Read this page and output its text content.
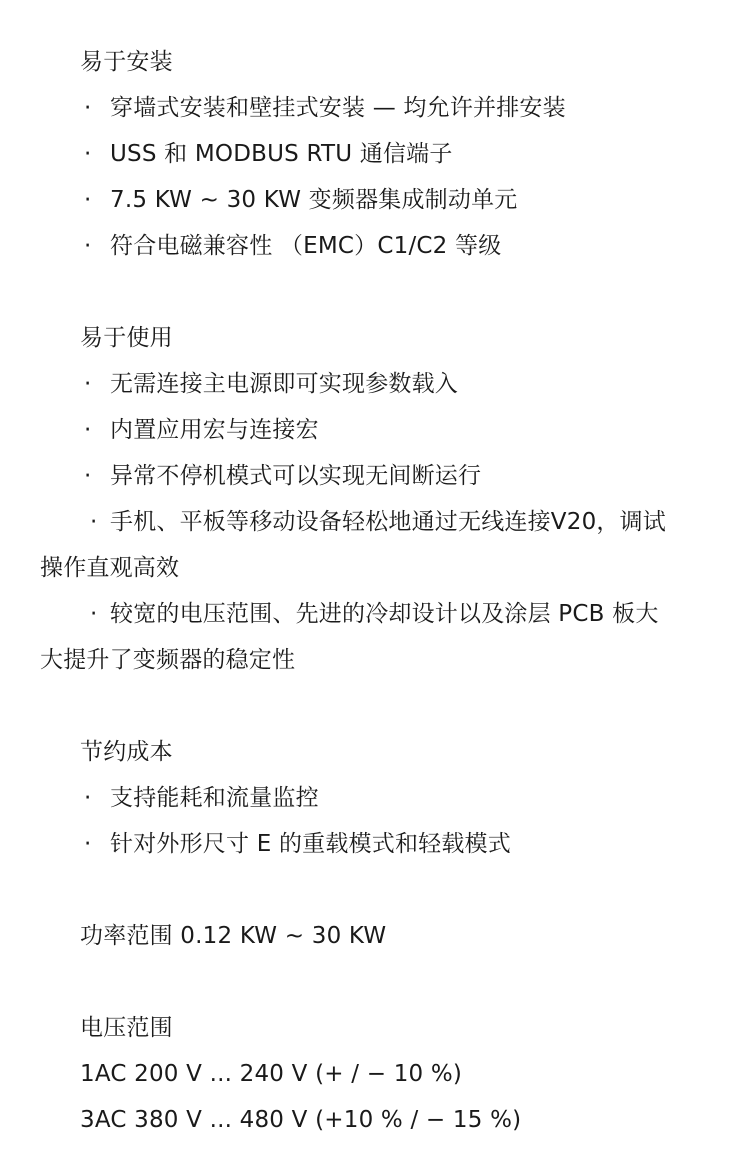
易于安装
· 穿墙式安装和壁挂式安装 — 均允许并排安装
· USS 和 MODBUS RTU 通信端子
· 7.5 KW ~ 30 KW 变频器集成制动单元
· 符合电磁兼容性 （EMC）C1/C2 等级
易于使用
· 无需连接主电源即可实现参数载入
· 内置应用宏与连接宏
· 异常不停机模式可以实现无间断运行
· 手机、平板等移动设备轻松地通过无线连接V20，调试
操作直观高效
· 较宽的电压范围、先进的冷却设计以及涂层 PCB 板大
大提升了变频器的稳定性
节约成本
· 支持能耗和流量监控
· 针对外形尺寸 E 的重载模式和轻载模式
功率范围 0.12 KW ~ 30 KW
电压范围
1AC 200 V ... 240 V (+ / − 10 %)
3AC 380 V ... 480 V (+10 % / − 15 %)
